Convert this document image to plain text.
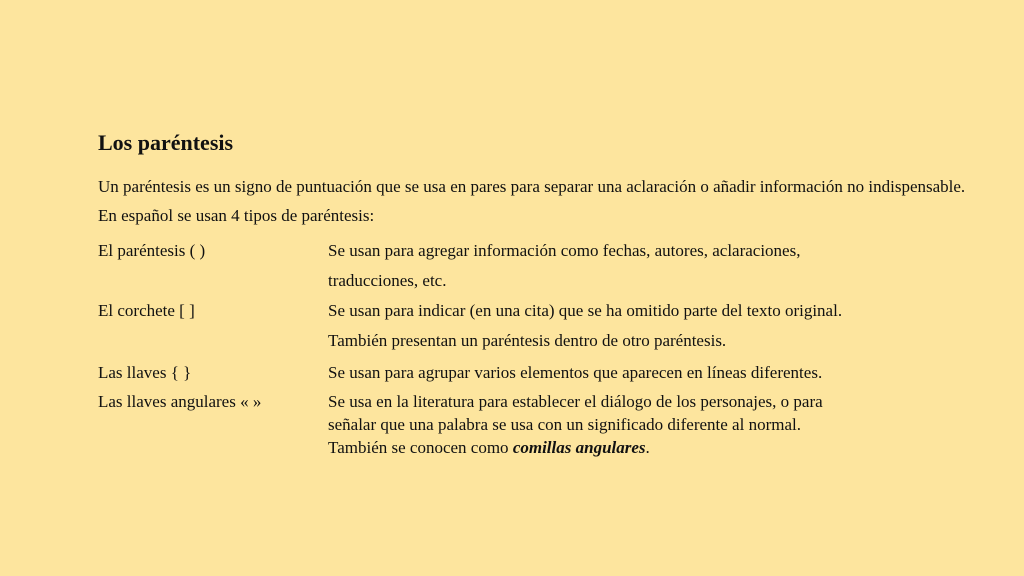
Los paréntesis

Un paréntesis es un signo de puntuación que se usa en pares para separar una aclaración o añadir información no indispensable. En español se usan 4 tipos de paréntesis:

El paréntesis ( )	Se usan para agregar información como fechas, autores, aclaraciones,
traducciones, etc.
El corchete [ ]	Se usan para indicar (en una cita) que se ha omitido parte del texto original.
También presentan un paréntesis dentro de otro paréntesis.
Las llaves { }	Se usan para agrupar varios elementos que aparecen en líneas diferentes.
Las llaves angulares « »	Se usa en la literatura para establecer el diálogo de los personajes, o para
señalar que una palabra se usa con un significado diferente al normal.
También se conocen como comillas angulares.
